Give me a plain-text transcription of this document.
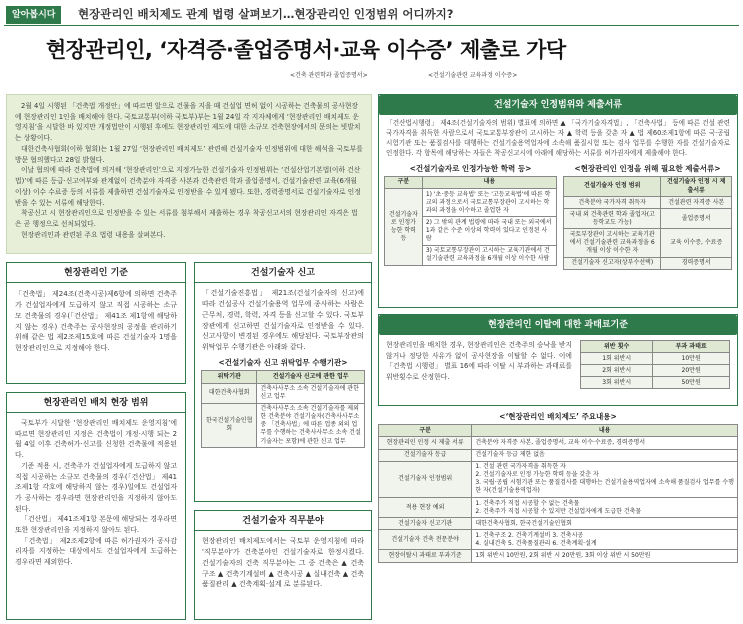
알아봅시다	현장관리인 배치제도 관계 법령 살펴보기…현장관리인 인정범위 어디까지?
현장관리인, ‘자격증·졸업증명서·교육 이수증’ 제출로 가닥
<건축 관련학과 졸업증명서>	<건설기술관련 교육과정 이수증>

2월 4일 시행된 「건축법 개정안」에 따르면 앞으로 건물을 지을 때 건설업 면허 없이 시공하는 건축물의 공사현장에 현장관리인 1인을 배치해야 한다. 국토교통부(이하 국토부)부는 1월 24일 각 지자체에게 ‘현장관리인 배치제도 운영지침’을 시달한 바 있지만 개정법안이 시행된 후에도 현장관리인 제도에 대한 소규모 건축현장에서의 문의는 빗발치는 상황이다.

대한건축사협회(이하 협회)는 1월 27일 ‘현장관리인 배치제도’ 관련해 건설기술자 인정범위에 대한 해석을 국토부를 방문 협의했다고 28일 밝혔다.

이날 협의에 따라 건축법에 의거해 ‘현장관리인’으로 지정가능한 건설기술자 인정범위는 ‘건설산업기본법(이하 건산법)’에 따른 등급·신고여부와 관계없이 건축분야 자격증 사본과 건축관련 학과 졸업증명서, 건설기술관련 교육(6개월 이상) 이수 수료증 등의 서류를 제출하면 건설기술자로 인정받을 수 있게 됐다. 또한, 경력증명서로 건설기술자로 인정받을 수 있는 서류에 해당한다.

착공신고 시 현장관리인으로 인정받을 수 있는 서류를 첨부해서 제출하는 경우 착공신고서의 현장관리인 자격은 법은 곧 행정으로 선처되었다.

현장관리인과 관련된 주요 법령 내용을 살펴본다.

현장관리인 기준
「건축법」 제24조(건축시공)제6항에 의하면 건축주가 건설업자에게 도급하지 않고 직접 시공하는 소규모 건축물의 경우(「건산법」 제41조 제1항에 해당하지 않는 경우) 건축주는 공사현장의 공정을 관리하기 위해 같은 법 제2조제15호에 따른 건설기술자 1명을 현장관리인으로 지정해야 한다.
현장관리인 배치 현장 범위

국토부가 시달한 ‘현장관리인 배치제도 운영지침’에 따르면 현장관리인 지정은 건축법이 개정·시행 되는 2월 4일 이후 건축허가·신고를 신청한 건축물에 적용된다.

기준 적용 시, 건축주가 건설업자에게 도급하지 않고 직접 시공하는 소규모 건축물의 경우(「건산법」 제41조제1항 각호에 해당하지 않는 경우)일에도 건설업자가 공사하는 경우라면 현장관리인을 지정하지 않아도 된다.

「건산법」 제41조제1항 본문에 해당되는 경우라면 또한 현장관리인을 지정하지 않아도 된다.

「건축법」 제2조제2항에 따른 허가권자가 공사감리자를 지정하는 대상에서도 건설업자에게 도급하는 경우라면 제외한다.

건설기술자 신고
「건설기술진흥법」 제21조(건설기술자의 신고)에 따라 건설공사 건설기술용역 업무에 종사하는 사람은 근무처, 경력, 학력, 자격 등을 신고할 수 있다. 국토부장관에게 신고하면 건설기술자로 인정받을 수 있다. 신고사항이 변경된 경우에도 해당된다. 국토부장관의 위탁업무 수행기관은 아래와 같다.
<건설기술자 신고 위탁업무 수행기관>
위탁기관	건설기술자 신고에 관한 업무
대한건축사협회	건축사사무소 소속 건설기술자에 관한 신고 업무
한국건설기술인협회	건축사사무소 소속 건설기술자를 제외한 건축분야 건설기술자(건축사사무소 중 「건축사법」에 따른 업종 외의 업무를 수행하는 건축사사무소 소속 건설기술자는 포함)에 관한 신고 업무
건설기술자 직무분야
현장관리인 배치제도에서는 국토부 운영지침에 따라 '직무분야'가 건축분야인 건설기술자로 한정시켰다. 건설기술자의 건축 직무분야는 그 중 건축은 ▲ 건축구조 ▲ 건축기계설비 ▲ 건축시공 ▲ 실내건축 ▲ 건축품질관리 ▲ 건축계획·설계 로 분류된다.
건설기술자 인정범위와 제출서류
「건산법시행령」 제4조(건설기술자의 범위) 별표에 의하면 ▲ 「국가기술자격법」, 「건축사법」 등에 따른 건설 관련 국가자격을 취득한 사람으로서 국토교통부장관이 고시하는 자 ▲ 학력 등을 갖춘 자 ▲ 법 제60조제1항에 따른 국·공립 시험기관 또는 품질검사를 대행하는 건설기술용역업자에 소속해 품질시험 또는 검사 업무를 수행한 자를 건설기술자로 인정한다. 각 항목에 해당하는 자들은 착공신고시에 아래에 해당하는 서류를 허가권자에게 제출해야 한다.
<건설기술자로 인정가능한 학력 등>
구분	내용
건설기술자로 인정가능한 학력 등	1) '초·중등 교육법' 또는 '고등교육법'에 따른 학교의 과정으로서 국토교통부장관이 고시하는 학과의 과정을 이수하고 졸업한 자
	2) 그 밖의 관계 법령에 따라 국내 또는 외국에서 1과 같은 수준 이상의 학력이 있다고 인정된 사람
	3) 국토교통부장관이 고시하는 교육기관에서 건설기술관련 교육과정을 6개월 이상 이수한 사람
<현장관리인 인정을 위해 필요한 제출서류>
건설기술자 인정 범위	건설기술자 인정 시 제출서류
건축분야 국가자격 취득자	건설관련 자격증 사본
국내 외 건축관련 학과 졸업자(고등학교도 가능)	졸업증명서
국토부장관이 고시하는 교육기관에서 건설기술관련 교육과정을 6개월 이상 이수한 자	교육 이수증, 수료증
건설기술자 신고자(상부수선택)	경력증명서
현장관리인 이탈에 대한 과태료기준
현장관리인을 배치한 경우, 현장관리인은 건축주의 승낙을 받지 않거나 정당한 사유가 없이 공사현장을 이탈할 수 없다. 이에 「건축법 시행령」 별표 16에 따라 이탈 시 부과하는 과태료를 위반횟수로 산정한다.
위반 횟수	부과 과태료
1회 위반시	10만원
2회 위반시	20만원
3회 위반시	50만원
<‘현장관리인 배치제도’ 주요내용>
구분	내용
현장관리인 인정 시 제출 서류	건축분야 자격증 사본, 졸업증명서, 교육 이수·수료증, 경력증명서
건설기술자 등급	건설기술자 등급 제한 없음
건설기술자 인정범위	1. 건설 관련 국가자격을 취득한 자
2. 건설기술자로 인정 가능한 학력 등을 갖춘 자
3. 국립·공립 시험기관 또는 품질검사를 대행하는 건설기술용역업자에 소속해 품질검사 업무를 수행한 자(건설기술용역업자)
적용 현장 예외	1. 건축주가 직접 시공할 수 없는 건축물
2. 건축주가 직접 시공할 수 있지만 건설업자에게 도급한 건축물
건설기술자 신고기관	대한건축사협회, 한국건설기술인협회
건설기술자 건축 전문분야	1. 건축구조 2. 건축기계설비 3. 건축시공
4. 실내건축 5. 건축품질관리 6. 건축계획·설계
현장이탈시 과태료 부과기준	1회 위반시 10만원, 2회 위반 시 20만원, 3회 이상 위반 시 50만원
